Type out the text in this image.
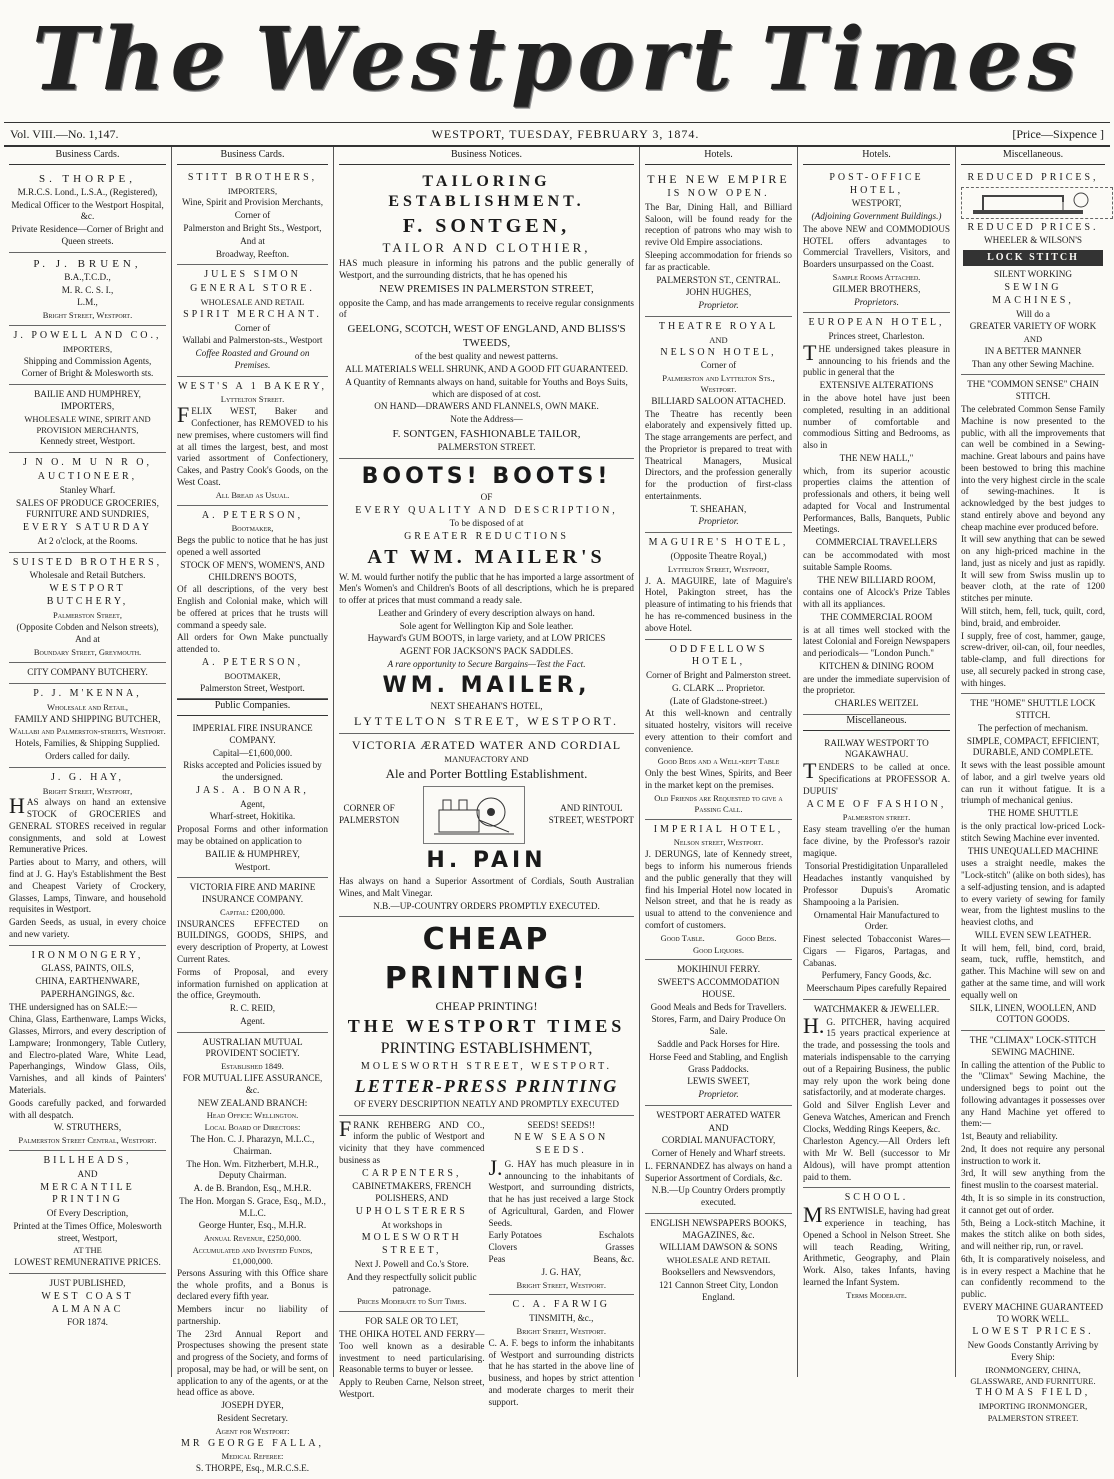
The Westport Times
Vol. VIII.—No. 1,147.	WESTPORT, TUESDAY, FEBRUARY 3, 1874.	[Price—Sixpence ]
Business Cards.

S. THORPE,

M.R.C.S. Lond., L.S.A., (Registered),

Medical Officer to the Westport Hospital, &c.

Private Residence—Corner of Bright and Queen streets.

P. J. BRUEN,

B.A.,T.C.D.,

M. R. C. S. I.,

L.M.,

Bright Street, Westport.

J. POWELL AND CO.,

IMPORTERS,

Shipping and Commission Agents,

Corner of Bright & Molesworth sts.

BAILIE AND HUMPHREY, IMPORTERS,

WHOLESALE WINE, SPIRIT AND PROVISION MERCHANTS,

Kennedy street, Westport.

J N O. M U N R O,

AUCTIONEER,

Stanley Wharf.

SALES OF PRODUCE GROCERIES, FURNITURE AND SUNDRIES,

EVERY SATURDAY

At 2 o'clock, at the Rooms.

SUISTED BROTHERS,

Wholesale and Retail Butchers.

WESTPORT BUTCHERY,

Palmerston Street,

(Opposite Cobden and Nelson streets),

And at

Boundary Street, Greymouth.

CITY COMPANY BUTCHERY.

P. J. M'KENNA,

Wholesale and Retail,

FAMILY AND SHIPPING BUTCHER,

Wallabi and Palmerston-streets, Westport.

Hotels, Families, & Shipping Supplied.

Orders called for daily.

J. G. HAY,

Bright Street, Westport,

HAS always on hand an extensive STOCK of GROCERIES and GENERAL STORES received in regular consignments, and sold at Lowest Remunerative Prices.

Parties about to Marry, and others, will find at J. G. Hay's Establishment the Best and Cheapest Variety of Crockery, Glasses, Lamps, Tinware, and household requisites in Westport.

Garden Seeds, as usual, in every choice and new variety.

IRONMONGERY,

GLASS, PAINTS, OILS,

CHINA, EARTHENWARE,

PAPERHANGINGS, &c.

THE undersigned has on SALE:—

China, Glass, Earthenware, Lamps Wicks, Glasses, Mirrors, and every description of Lampware; Ironmongery, Table Cutlery, and Electro-plated Ware, White Lead, Paperhangings, Window Glass, Oils, Varnishes, and all kinds of Painters' Materials.

Goods carefully packed, and forwarded with all despatch.

W. STRUTHERS,

Palmerston Street Central, Westport.

BILLHEADS,

AND

MERCANTILE PRINTING

Of Every Description,

Printed at the Times Office, Molesworth street, Westport,

AT THE

LOWEST REMUNERATIVE PRICES.

JUST PUBLISHED,

WEST COAST ALMANAC

FOR 1874.

Business Cards.

STITT BROTHERS,

IMPORTERS,

Wine, Spirit and Provision Merchants,

Corner of

Palmerston and Bright Sts., Westport,

And at

Broadway, Reefton.

JULES SIMON

GENERAL STORE.

WHOLESALE AND RETAIL

SPIRIT MERCHANT.

Corner of

Wallabi and Palmerston-sts., Westport

Coffee Roasted and Ground on Premises.

WEST'S A 1 BAKERY,

Lyttelton Street.

FELIX WEST, Baker and Confectioner, has REMOVED to his new premises, where customers will find at all times the largest, best, and most varied assortment of Confectionery, Cakes, and Pastry Cook's Goods, on the West Coast.

All Bread as Usual.

A. PETERSON,

Bootmaker,

Begs the public to notice that he has just opened a well assorted

STOCK OF MEN'S, WOMEN'S, AND CHILDREN'S BOOTS,

Of all descriptions, of the very best English and Colonial make, which will be offered at prices that he trusts will command a speedy sale.

All orders for Own Make punctually attended to.

A. PETERSON,

BOOTMAKER,

Palmerston Street, Westport.

Public Companies.

IMPERIAL FIRE INSURANCE COMPANY.

Capital—£1,600,000.

Risks accepted and Policies issued by the undersigned.

JAS. A. BONAR,

Agent,

Wharf-street, Hokitika.

Proposal Forms and other information may be obtained on application to

BAILIE & HUMPHREY,

Westport.

VICTORIA FIRE AND MARINE INSURANCE COMPANY.

Capital: £200,000.

INSURANCES EFFECTED on BUILDINGS, GOODS, SHIPS, and every description of Property, at Lowest Current Rates.

Forms of Proposal, and every information furnished on application at the office, Greymouth.

R. C. REID,

Agent.

AUSTRALIAN MUTUAL PROVIDENT SOCIETY.

Established 1849.

FOR MUTUAL LIFE ASSURANCE, &c.

NEW ZEALAND BRANCH:

Head Office: Wellington.

Local Board of Directors:

The Hon. C. J. Pharazyn, M.L.C., Chairman.

The Hon. Wm. Fitzherbert, M.H.R., Deputy Chairman.

A. de B. Brandon, Esq., M.H.R.

The Hon. Morgan S. Grace, Esq., M.D., M.L.C.

George Hunter, Esq., M.H.R.

Annual Revenue, £250,000.

Accumulated and Invested Funds, £1,000,000.

Persons Assuring with this Office share the whole profits, and a Bonus is declared every fifth year.

Members incur no liability of partnership.

The 23rd Annual Report and Prospectuses showing the present state and progress of the Society, and forms of proposal, may be had, or will be sent, on application to any of the agents, or at the head office as above.

JOSEPH DYER,

Resident Secretary.

Agent for Westport:

MR GEORGE FALLA,

Medical Referee:

S. THORPE, Esq., M.R.C.S.E.

Business Notices.

TAILORING ESTABLISHMENT.

F. SONTGEN,

TAILOR AND CLOTHIER,

HAS much pleasure in informing his patrons and the public generally of Westport, and the surrounding districts, that he has opened his

NEW PREMISES IN PALMERSTON STREET,

opposite the Camp, and has made arrangements to receive regular consignments of

GEELONG, SCOTCH, WEST OF ENGLAND, AND BLISS'S TWEEDS,

of the best quality and newest patterns.

ALL MATERIALS WELL SHRUNK, AND A GOOD FIT GUARANTEED.

A Quantity of Remnants always on hand, suitable for Youths and Boys Suits, which are disposed of at cost.

ON HAND—DRAWERS AND FLANNELS, OWN MAKE.

Note the Address—

F. SONTGEN, FASHIONABLE TAILOR,

PALMERSTON STREET.

BOOTS! BOOTS!

OF

EVERY QUALITY AND DESCRIPTION,

To be disposed of at

GREATER REDUCTIONS

AT WM. MAILER'S

W. M. would further notify the public that he has imported a large assortment of Men's Women's and Children's Boots of all descriptions, which he is prepared to offer at prices that must command a ready sale.

Leather and Grindery of every description always on hand.

Sole agent for Wellington Kip and Sole leather.

Hayward's GUM BOOTS, in large variety, and at LOW PRICES

AGENT FOR JACKSON'S PACK SADDLES.

A rare opportunity to Secure Bargains—Test the Fact.

WM. MAILER,

NEXT SHEAHAN'S HOTEL,

LYTTELTON STREET, WESTPORT.

VICTORIA ÆRATED WATER AND CORDIAL

MANUFACTORY AND

Ale and Porter Bottling Establishment.

CORNER OF

PALMERSTON

AND RINTOUL

STREET, WESTPORT

H. PAIN

Has always on hand a Superior Assortment of Cordials, South Australian Wines, and Malt Vinegar.

N.B.—UP-COUNTRY ORDERS PROMPTLY EXECUTED.

CHEAP PRINTING!

CHEAP PRINTING!

THE WESTPORT TIMES

PRINTING ESTABLISHMENT,

MOLESWORTH STREET, WESTPORT.

LETTER-PRESS PRINTING

OF EVERY DESCRIPTION NEATLY AND PROMPTLY EXECUTED

FRANK REHBERG AND CO., inform the public of Westport and vicinity that they have commenced business as

CARPENTERS,

CABINETMAKERS, FRENCH POLISHERS, AND

UPHOLSTERERS

At workshops in

MOLESWORTH STREET,

Next J. Powell and Co.'s Store.

And they respectfully solicit public patronage.

Prices Moderate to Suit Times.

FOR SALE OR TO LET,

THE OHIKA HOTEL AND FERRY—Too well known as a desirable investment to need particularising. Reasonable terms to buyer or lessee.

Apply to Reuben Carne, Nelson street, Westport.

SEEDS! SEEDS!!

NEW SEASON SEEDS.

J.G. HAY has much pleasure in in announcing to the inhabitants of Westport, and surrounding districts, that he has just received a large Stock of Agricultural, Garden, and Flower Seeds.

Early Potatoes	Eschalots
Clovers	Grasses
Peas	Beans, &c.

J. G. HAY,

Bright Street, Westport.

C. A. FARWIG

TINSMITH, &c.,

Bright Street, Westport.

C. A. F. begs to inform the inhabitants of Westport and surrounding districts that he has started in the above line of business, and hopes by strict attention and moderate charges to merit their support.

Hotels.

THE NEW EMPIRE

IS NOW OPEN.

The Bar, Dining Hall, and Billiard Saloon, will be found ready for the reception of patrons who may wish to revive Old Empire associations.

Sleeping accommodation for friends so far as practicable.

PALMERSTON ST., CENTRAL.

JOHN HUGHES,

Proprietor.

THEATRE ROYAL

AND

NELSON HOTEL,

Corner of

Palmerston and Lyttelton Sts., Westport.

BILLIARD SALOON ATTACHED.

The Theatre has recently been elaborately and expensively fitted up. The stage arrangements are perfect, and the Proprietor is prepared to treat with Theatrical Managers, Musical Directors, and the profession generally for the production of first-class entertainments.

T. SHEAHAN,

Proprietor.

MAGUIRE'S HOTEL,

(Opposite Theatre Royal,)

Lyttelton Street, Westport,

J. A. MAGUIRE, late of Maguire's Hotel, Pakington street, has the pleasure of intimating to his friends that he has re-commenced business in the above Hotel.

ODDFELLOWS HOTEL,

Corner of Bright and Palmerston street.

G. CLARK ... Proprietor.

(Late of Gladstone-street.)

At this well-known and centrally situated hostelry, visitors will receive every attention to their comfort and convenience.

Good Beds and a Well-kept Table

Only the best Wines, Spirits, and Beer in the market kept on the premises.

Old Friends are Requested to give a Passing Call.

IMPERIAL HOTEL,

Nelson street, Westport.

J. DERUNGS, late of Kennedy street, begs to inform his numerous friends and the public generally that they will find his Imperial Hotel now located in Nelson street, and that he is ready as usual to attend to the convenience and comfort of customers.

Good Table.	Good Beds.

Good Liquors.

MOKIHINUI FERRY.

SWEET'S ACCOMMODATION HOUSE.

Good Meals and Beds for Travellers.

Stores, Farm, and Dairy Produce On Sale.

Saddle and Pack Horses for Hire.

Horse Feed and Stabling, and English Grass Paddocks.

LEWIS SWEET,

Proprietor.

WESTPORT AERATED WATER

AND

CORDIAL MANUFACTORY,

Corner of Henely and Wharf streets.

L. FERNANDEZ has always on hand a Superior Assortment of Cordials, &c.

N.B.—Up Country Orders promptly executed.

ENGLISH NEWSPAPERS BOOKS, MAGAZINES, &c.

WILLIAM DAWSON & SONS

WHOLESALE AND RETAIL

Booksellers and Newsvendors,

121 Cannon Street City, London England.

Hotels.

POST-OFFICE HOTEL,

WESTPORT,

(Adjoining Government Buildings.)

The above NEW and COMMODIOUS HOTEL offers advantages to Commercial Travellers, Visitors, and Boarders unsurpassed on the Coast.

Sample Rooms Attached.

GILMER BROTHERS,

Proprietors.

EUROPEAN HOTEL,

Princes street, Charleston.

THE undersigned takes pleasure in announcing to his friends and the public in general that the

EXTENSIVE ALTERATIONS

in the above hotel have just been completed, resulting in an additional number of comfortable and commodious Sitting and Bedrooms, as also in

THE NEW HALL,"

which, from its superior acoustic properties claims the attention of professionals and others, it being well adapted for Vocal and Instrumental Performances, Balls, Banquets, Public Meetings.

COMMERCIAL TRAVELLERS

can be accommodated with most suitable Sample Rooms.

THE NEW BILLIARD ROOM,

contains one of Alcock's Prize Tables with all its appliances.

THE COMMERCIAL ROOM

is at all times well stocked with the latest Colonial and Foreign Newspapers and periodicals— "London Punch."

KITCHEN & DINING ROOM

are under the immediate supervision of the proprietor.

CHARLES WEITZEL

Miscellaneous.

RAILWAY WESTPORT TO NGAKAWHAU.

TENDERS to be called at once. Specifications at PROFESSOR A. DUPUIS'

ACME OF FASHION,

Palmerston street.

Easy steam travelling o'er the human face divine, by the Professor's razoir magique.

Tonsorial Prestidigitation Unparalleled

Headaches instantly vanquished by Professor Dupuis's Aromatic Shampooing a la Parisien.

Ornamental Hair Manufactured to Order.

Finest selected Tobacconist Wares—Cigars — Figaros, Partagas, and Cabanas.

Perfumery, Fancy Goods, &c.

Meerschaum Pipes carefully Repaired

WATCHMAKER & JEWELLER.

H.G. PITCHER, having acquired 15 years practical experience at the trade, and possessing the tools and materials indispensable to the carrying out of a Repairing Business, the public may rely upon the work being done satisfactorily, and at moderate charges.

Gold and Silver English Lever and Geneva Watches, American and French Clocks, Wedding Rings Keepers, &c.

Charleston Agency.—All Orders left with Mr W. Bell (successor to Mr Aldous), will have prompt attention paid to them.

SCHOOL.

MRS ENTWISLE, having had great experience in teaching, has Opened a School in Nelson Street. She will teach Reading, Writing, Arithmetic, Geography, and Plain Work. Also, takes Infants, having learned the Infant System.

Terms Moderate.

Miscellaneous.

REDUCED PRICES,

REDUCED PRICES.

WHEELER & WILSON'S

LOCK STITCH

SILENT WORKING

SEWING MACHINES,

Will do a

GREATER VARIETY OF WORK

AND

IN A BETTER MANNER

Than any other Sewing Machine.

THE "COMMON SENSE" CHAIN STITCH.

The celebrated Common Sense Family Machine is now presented to the public, with all the improvements that can well be combined in a Sewing-machine. Great labours and pains have been bestowed to bring this machine into the very highest circle in the scale of sewing-machines. It is acknowledged by the best judges to stand entirely above and beyond any cheap machine ever produced before.

It will sew anything that can be sewed on any high-priced machine in the land, just as nicely and just as rapidly. It will sew from Swiss muslin up to beaver cloth, at the rate of 1200 stitches per minute.

Will stitch, hem, fell, tuck, quilt, cord, bind, braid, and embroider.

I supply, free of cost, hammer, gauge, screw-driver, oil-can, oil, four needles, table-clamp, and full directions for use, all securely packed in strong case, with hinges.

THE "HOME" SHUTTLE LOCK STITCH.

The perfection of mechanism.

SIMPLE, COMPACT, EFFICIENT, DURABLE, AND COMPLETE.

It sews with the least possible amount of labor, and a girl twelve years old can run it without fatigue. It is a triumph of mechanical genius.

THE HOME SHUTTLE

is the only practical low-priced Lock-stitch Sewing Machine ever invented.

THIS UNEQUALLED MACHINE

uses a straight needle, makes the "Lock-stitch" (alike on both sides), has a self-adjusting tension, and is adapted to every variety of sewing for family wear, from the lightest muslins to the heaviest cloths, and

WILL EVEN SEW LEATHER.

It will hem, fell, bind, cord, braid, seam, tuck, ruffle, hemstitch, and gather. This Machine will sew on and gather at the same time, and will work equally well on

SILK, LINEN, WOOLLEN, AND COTTON GOODS.

THE "CLIMAX" LOCK-STITCH SEWING MACHINE.

In calling the attention of the Public to the "Climax" Sewing Machine, the undersigned begs to point out the following advantages it possesses over any Hand Machine yet offered to them:—

1st, Beauty and reliability.

2nd, It does not require any personal instruction to work it.

3rd, It will sew anything from the finest muslin to the coarsest material.

4th, It is so simple in its construction, it cannot get out of order.

5th, Being a Lock-stitch Machine, it makes the stitch alike on both sides, and will neither rip, run, or ravel.

6th, It is comparatively noiseless, and is in every respect a Machine that he can confidently recommend to the public.

EVERY MACHINE GUARANTEED TO WORK WELL.

LOWEST PRICES.

New Goods Constantly Arriving by Every Ship:

IRONMONGERY, CHINA, GLASSWARE, AND FURNITURE.

THOMAS FIELD,

IMPORTING IRONMONGER,

PALMERSTON STREET.
